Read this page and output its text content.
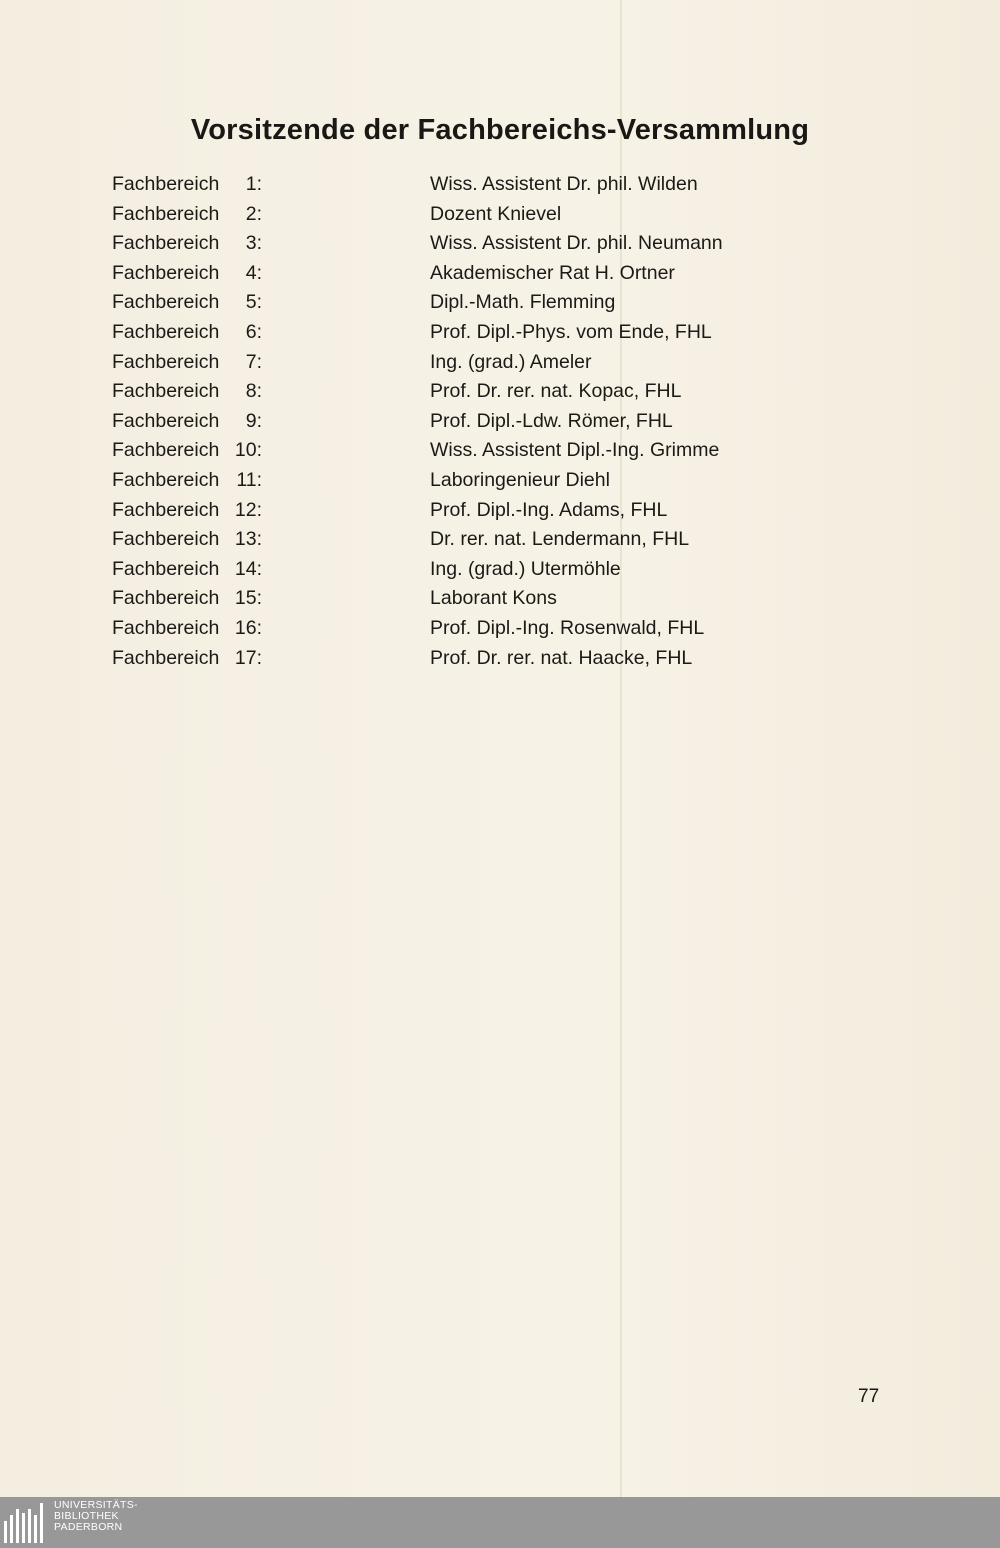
Vorsitzende der Fachbereichs-Versammlung
Fachbereich	1:	Wiss. Assistent Dr. phil. Wilden
Fachbereich	2:	Dozent Knievel
Fachbereich	3:	Wiss. Assistent Dr. phil. Neumann
Fachbereich	4:	Akademischer Rat H. Ortner
Fachbereich	5:	Dipl.-Math. Flemming
Fachbereich	6:	Prof. Dipl.-Phys. vom Ende, FHL
Fachbereich	7:	Ing. (grad.) Ameler
Fachbereich	8:	Prof. Dr. rer. nat. Kopac, FHL
Fachbereich	9:	Prof. Dipl.-Ldw. Römer, FHL
Fachbereich 10:	Wiss. Assistent Dipl.-Ing. Grimme
Fachbereich 11:	Laboringenieur Diehl
Fachbereich 12:	Prof. Dipl.-Ing. Adams, FHL
Fachbereich 13:	Dr. rer. nat. Lendermann, FHL
Fachbereich 14:	Ing. (grad.) Utermöhle
Fachbereich 15:	Laborant Kons
Fachbereich 16:	Prof. Dipl.-Ing. Rosenwald, FHL
Fachbereich 17:	Prof. Dr. rer. nat. Haacke, FHL
77
UNIVERSITÄTS-
BIBLIOTHEK
PADERBORN
